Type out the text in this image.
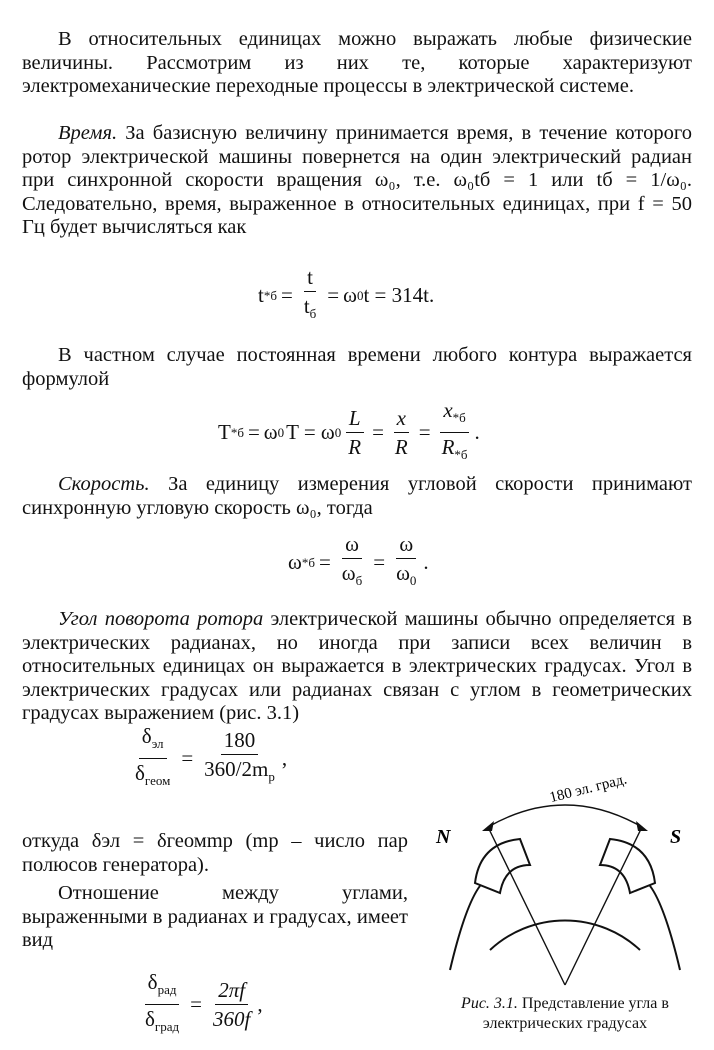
В относительных единицах можно выражать любые физические величины. Рассмотрим из них те, которые характеризуют электромеханические переходные процессы в электрической системе.
Время. За базисную величину принимается время, в течение которого ротор электрической машины повернется на один электрический радиан при синхронной скорости вращения ω₀, т.е. ω₀tб = 1 или tб = 1/ω₀. Следовательно, время, выраженное в относительных единицах, при f = 50 Гц будет вычисляться как
t $*б = \frac{t}{t_б} = \omega$ 0 t = 314t.
В частном случае постоянная времени любого контура выражается формулой
T *б = ω 0 T = ω $0 \frac{L}{R} = \frac{x}{R} = \frac{x_{*б}}{R_{*б}}$ .
Скорость. За единицу измерения угловой скорости принимают синхронную угловую скорость ω₀, тогда
ω $*б = \frac{\omega}{\omega_б} = \frac{\omega}{\omega_0}$ .
Угол поворота ротора электрической машины обычно определяется в электрических радианах, но иногда при записи всех величин в относительных единицах он выражается в электрических градусах. Угол в электрических градусах или радианах связан с углом в геометрических градусах выражением (рис. 3.1)
$\frac{\delta_{эл}}{\delta_{геом}} = \frac{180}{360/2m_p}$ ,
откуда δэл = δгеомmp (mp – число пар полюсов генератора).
Отношение между углами, выраженными в радианах и градусах, имеет вид
$\frac{\delta_{рад}}{\delta_{град}} = \frac{2\pi f}{360f}$ ,
180 эл. град.
N	S
Рис. 3.1. Представление угла в электрических градусах
